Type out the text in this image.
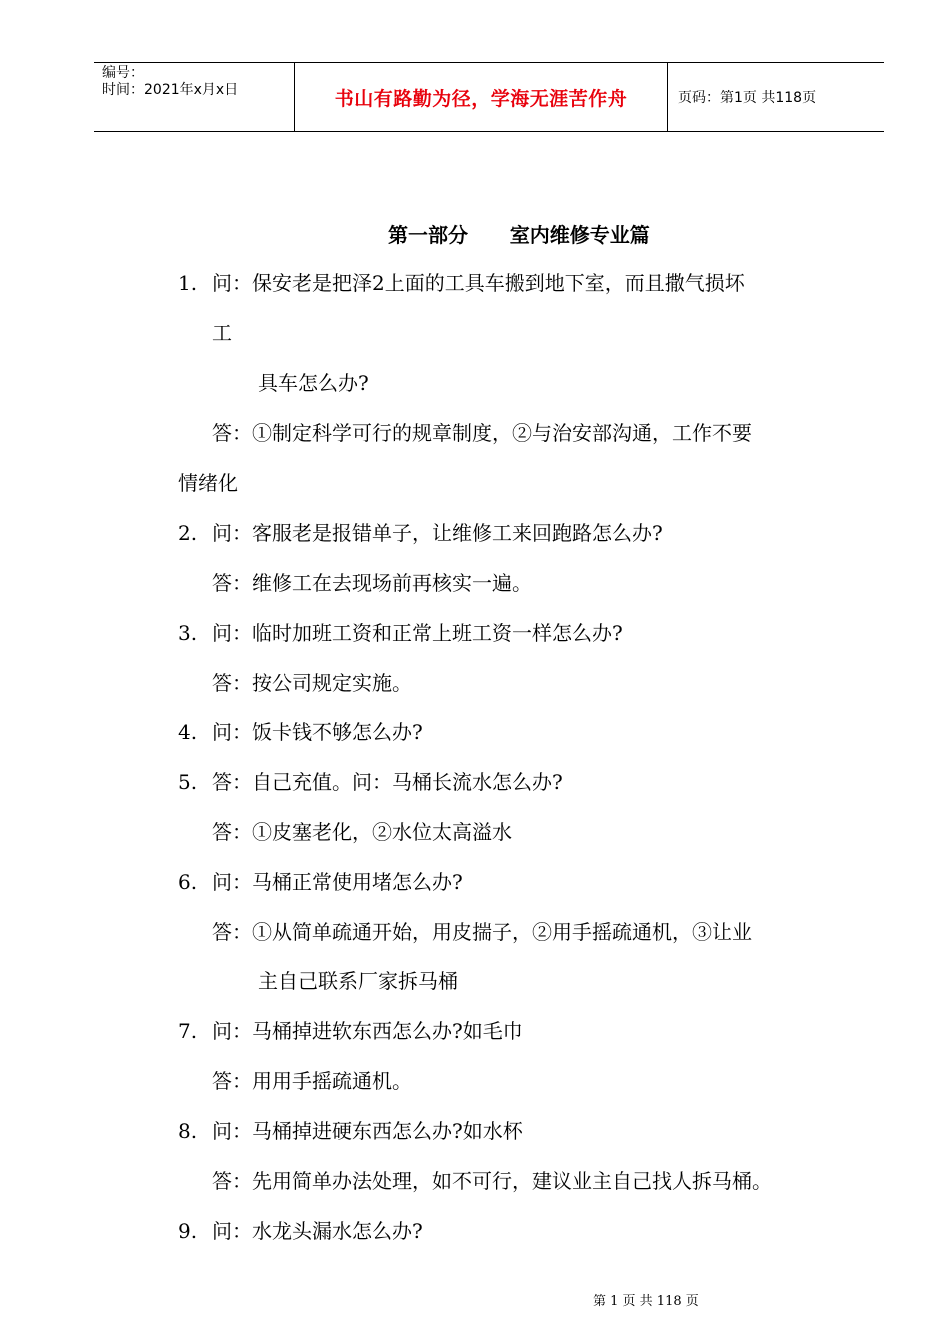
编号：
时间：2021年x月x日	书山有路勤为径，学海无涯苦作舟	页码：第1页 共118页
第一部分      室内维修专业篇
1. 问：保安老是把泽2上面的工具车搬到地下室，而且撒气损坏
工
具车怎么办?
答：①制定科学可行的规章制度，②与治安部沟通，工作不要
情绪化
2. 问：客服老是报错单子，让维修工来回跑路怎么办?
答：维修工在去现场前再核实一遍。
3. 问：临时加班工资和正常上班工资一样怎么办?
答：按公司规定实施。
4. 问：饭卡钱不够怎么办?
5. 答：自己充值。问：马桶长流水怎么办?
答：①皮塞老化，②水位太高溢水
6. 问：马桶正常使用堵怎么办?
答：①从简单疏通开始，用皮揣子，②用手摇疏通机，③让业
主自己联系厂家拆马桶
7. 问：马桶掉进软东西怎么办?如毛巾
答：用用手摇疏通机。
8. 问：马桶掉进硬东西怎么办?如水杯
答：先用简单办法处理，如不可行，建议业主自己找人拆马桶。
9. 问：水龙头漏水怎么办?
第 1 页 共 118 页
